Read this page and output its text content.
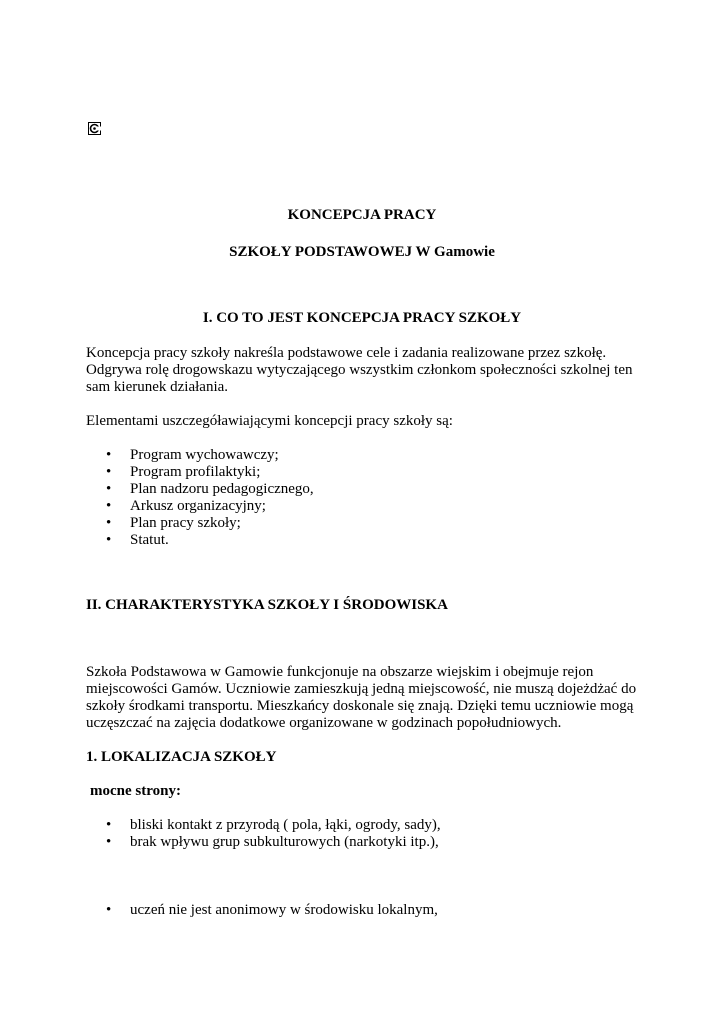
KONCEPCJA PRACY
SZKOŁY PODSTAWOWEJ W Gamowie
I. CO TO JEST KONCEPCJA PRACY SZKOŁY
Koncepcja pracy szkoły nakreśla podstawowe cele i zadania realizowane przez szkołę.
Odgrywa rolę drogowskazu wytyczającego wszystkim członkom społeczności szkolnej ten
sam kierunek działania.
Elementami uszczegóławiającymi koncepcji pracy szkoły są:
• Program wychowawczy;
• Program profilaktyki;
• Plan nadzoru pedagogicznego,
• Arkusz organizacyjny;
• Plan pracy szkoły;
• Statut.
II. CHARAKTERYSTYKA SZKOŁY I ŚRODOWISKA
Szkoła Podstawowa w Gamowie funkcjonuje na obszarze wiejskim i obejmuje rejon
miejscowości Gamów. Uczniowie zamieszkują jedną miejscowość, nie muszą dojeżdżać do
szkoły środkami transportu. Mieszkańcy doskonale się znają. Dzięki temu uczniowie mogą
uczęszczać na zajęcia dodatkowe organizowane w godzinach popołudniowych.
1. LOKALIZACJA SZKOŁY
mocne strony:
• bliski kontakt z przyrodą ( pola, łąki, ogrody, sady),
• brak wpływu grup subkulturowych (narkotyki itp.),
• uczeń nie jest anonimowy w środowisku lokalnym,
